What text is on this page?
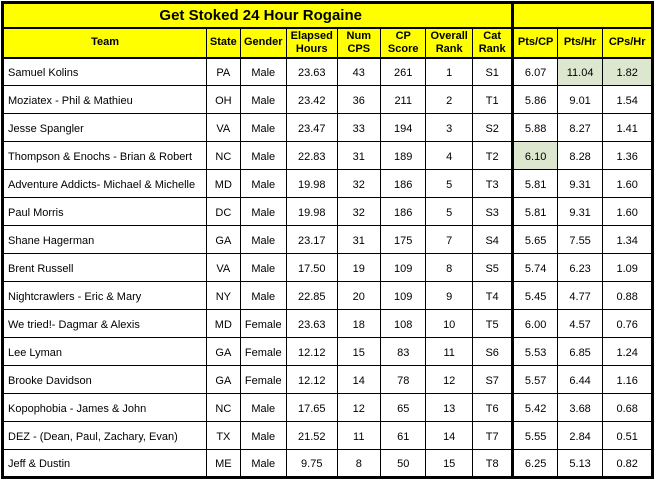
Get Stoked 24 Hour Rogaine										
Team	State	Gender	Elapsed Hours	Num CPS	CP Score	Overall Rank	Cat Rank	Pts/CP	Pts/Hr	CPs/Hr
Samuel Kolins	PA	Male	23.63	43	261	1	S1	6.07	11.04	1.82
Moziatex - Phil & Mathieu	OH	Male	23.42	36	211	2	T1	5.86	9.01	1.54
Jesse Spangler	VA	Male	23.47	33	194	3	S2	5.88	8.27	1.41
Thompson & Enochs - Brian & Robert	NC	Male	22.83	31	189	4	T2	6.10	8.28	1.36
Adventure Addicts- Michael & Michelle	MD	Male	19.98	32	186	5	T3	5.81	9.31	1.60
Paul Morris	DC	Male	19.98	32	186	5	S3	5.81	9.31	1.60
Shane Hagerman	GA	Male	23.17	31	175	7	S4	5.65	7.55	1.34
Brent Russell	VA	Male	17.50	19	109	8	S5	5.74	6.23	1.09
Nightcrawlers - Eric & Mary	NY	Male	22.85	20	109	9	T4	5.45	4.77	0.88
We tried!- Dagmar & Alexis	MD	Female	23.63	18	108	10	T5	6.00	4.57	0.76
Lee Lyman	GA	Female	12.12	15	83	11	S6	5.53	6.85	1.24
Brooke Davidson	GA	Female	12.12	14	78	12	S7	5.57	6.44	1.16
Kopophobia - James & John	NC	Male	17.65	12	65	13	T6	5.42	3.68	0.68
DEZ - (Dean, Paul, Zachary, Evan)	TX	Male	21.52	11	61	14	T7	5.55	2.84	0.51
Jeff & Dustin	ME	Male	9.75	8	50	15	T8	6.25	5.13	0.82
